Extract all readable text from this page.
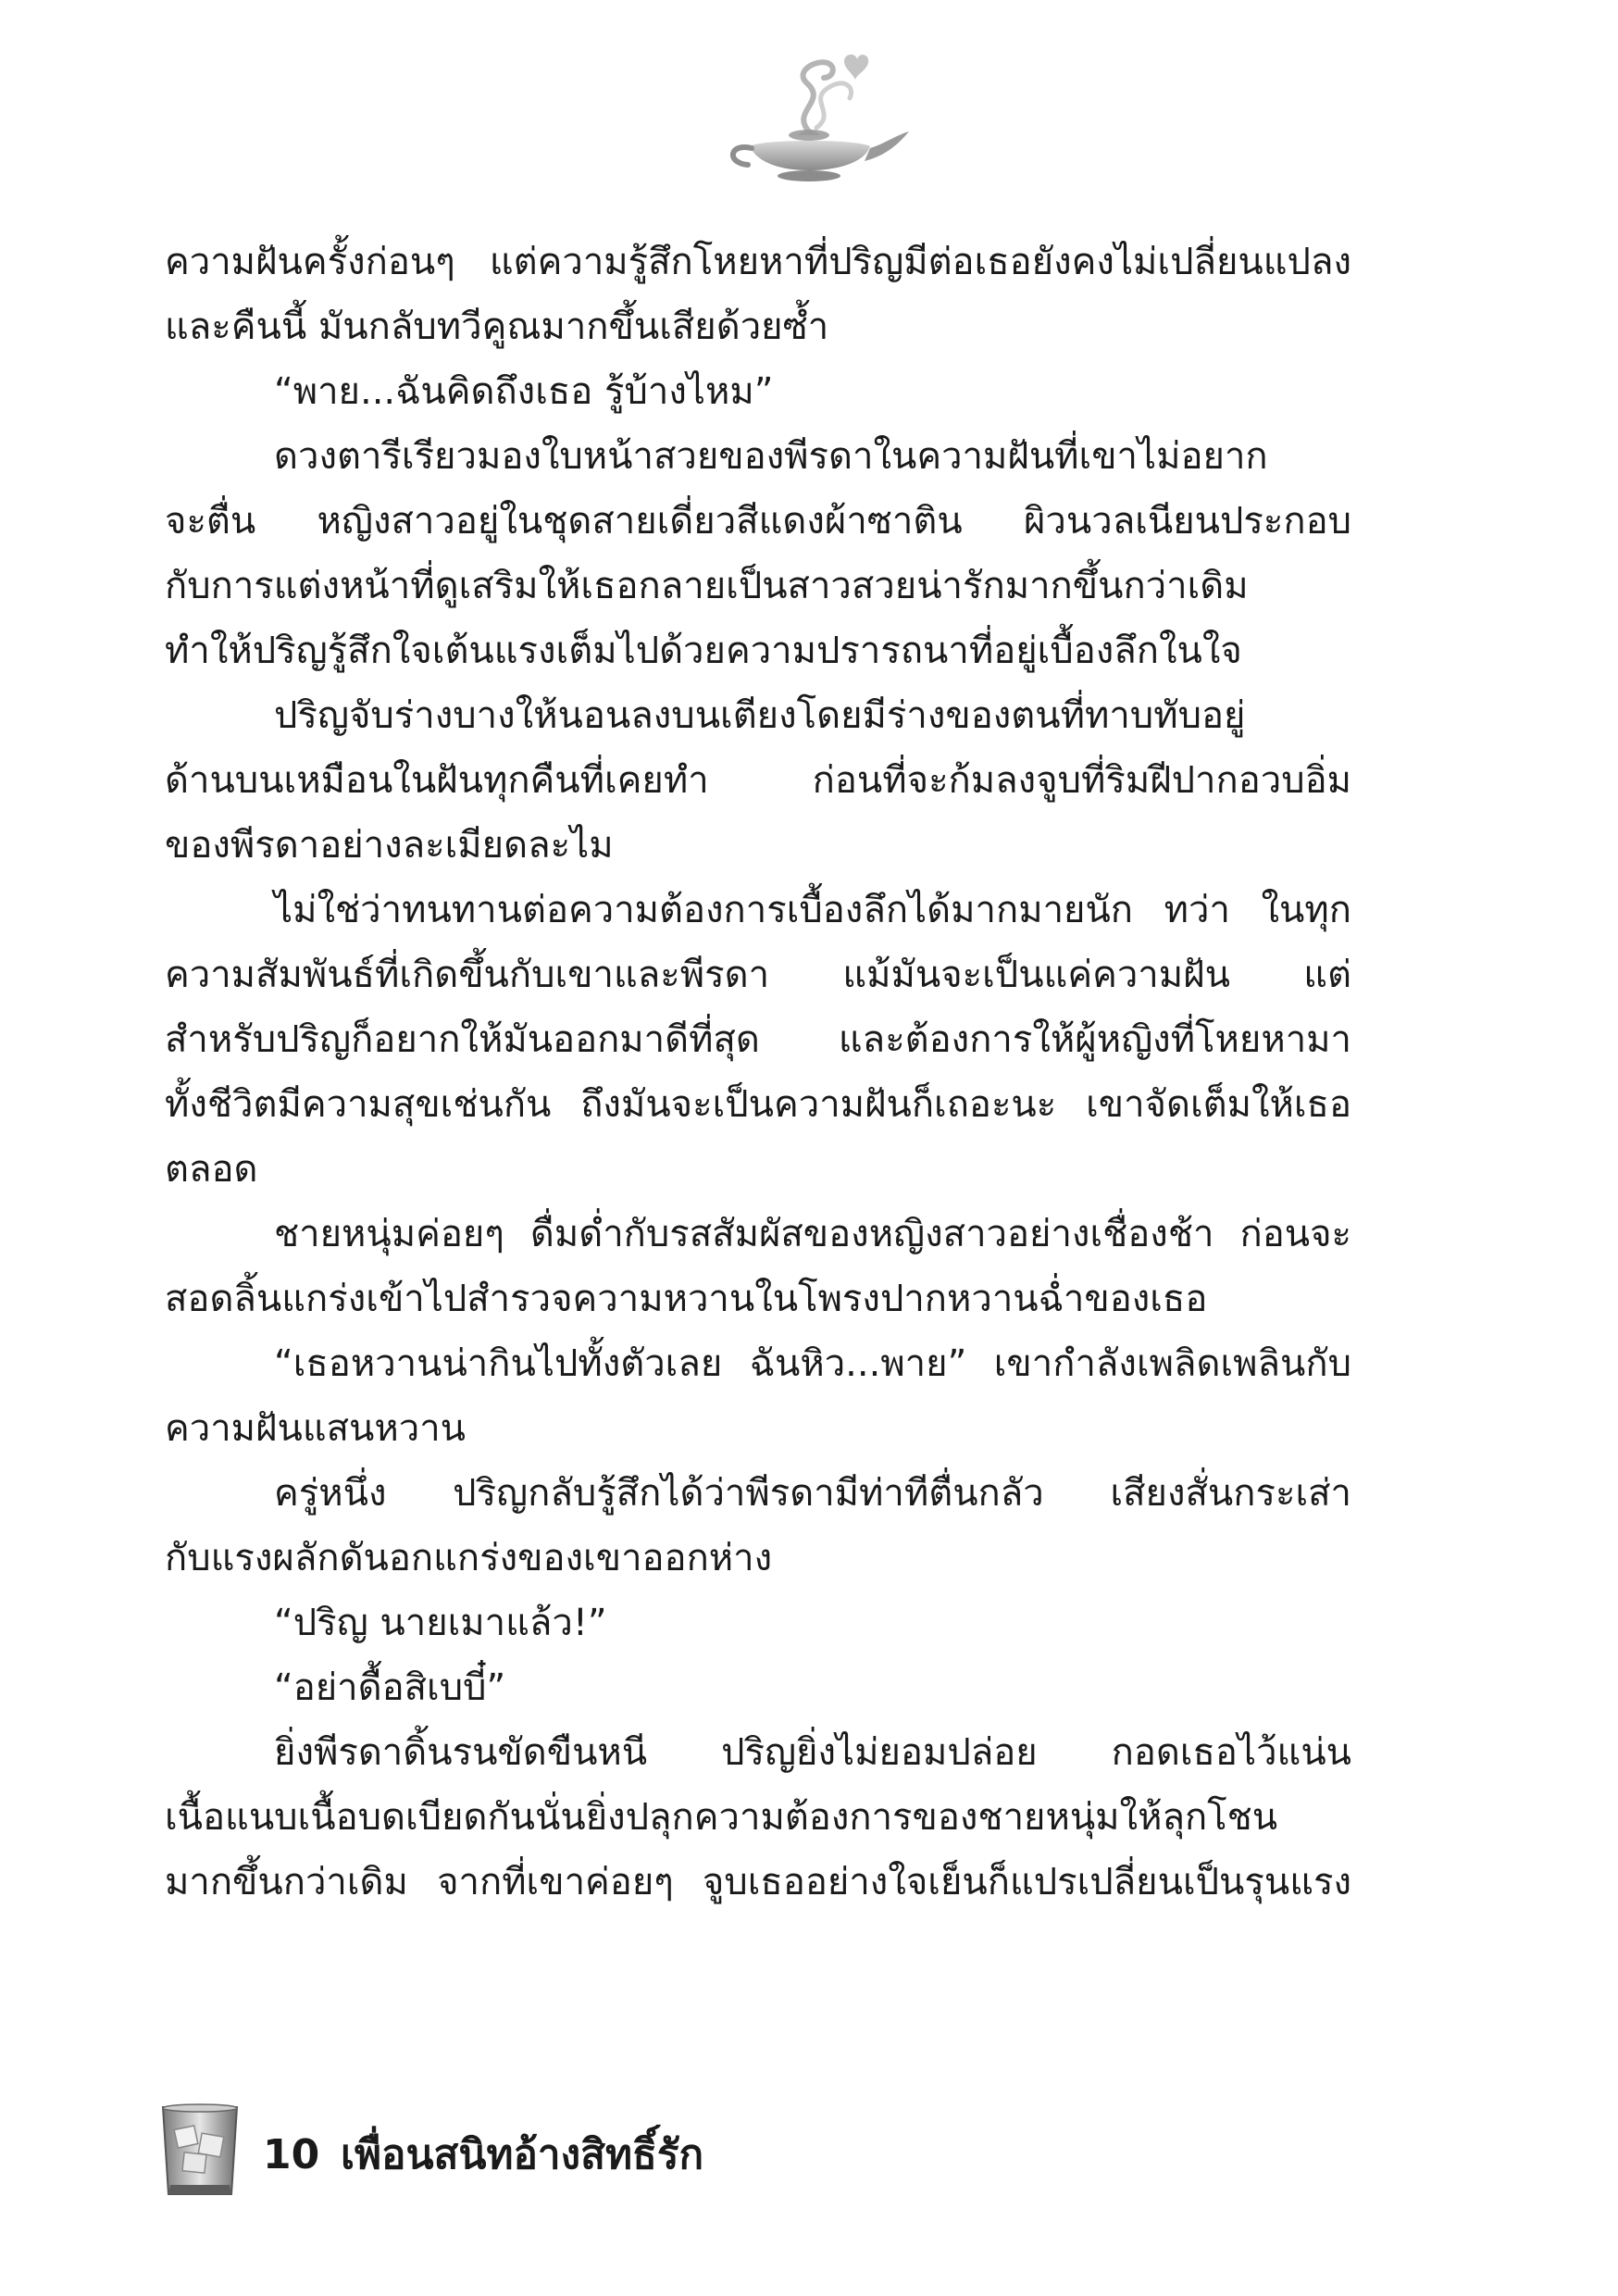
ความฝันครั้งก่อนๆ แต่ความรู้สึกโหยหาที่ปริญมีต่อเธอยังคงไม่เปลี่ยนแปลง
และคืนนี้ มันกลับทวีคูณมากขึ้นเสียด้วยซ้ำ
“พาย...ฉันคิดถึงเธอ รู้บ้างไหม”
ดวงตารีเรียวมองใบหน้าสวยของพีรดาในความฝันที่เขาไม่อยาก
จะตื่น หญิงสาวอยู่ในชุดสายเดี่ยวสีแดงผ้าซาติน ผิวนวลเนียนประกอบ
กับการแต่งหน้าที่ดูเสริมให้เธอกลายเป็นสาวสวยน่ารักมากขึ้นกว่าเดิม
ทำให้ปริญรู้สึกใจเต้นแรงเต็มไปด้วยความปรารถนาที่อยู่เบื้องลึกในใจ
ปริญจับร่างบางให้นอนลงบนเตียงโดยมีร่างของตนที่ทาบทับอยู่
ด้านบนเหมือนในฝันทุกคืนที่เคยทำ ก่อนที่จะก้มลงจูบที่ริมฝีปากอวบอิ่ม
ของพีรดาอย่างละเมียดละไม
ไม่ใช่ว่าทนทานต่อความต้องการเบื้องลึกได้มากมายนัก ทว่า ในทุก
ความสัมพันธ์ที่เกิดขึ้นกับเขาและพีรดา แม้มันจะเป็นแค่ความฝัน แต่
สำหรับปริญก็อยากให้มันออกมาดีที่สุด และต้องการให้ผู้หญิงที่โหยหามา
ทั้งชีวิตมีความสุขเช่นกัน ถึงมันจะเป็นความฝันก็เถอะนะ เขาจัดเต็มให้เธอ
ตลอด
ชายหนุ่มค่อยๆ ดื่มด่ำกับรสสัมผัสของหญิงสาวอย่างเชื่องช้า ก่อนจะ
สอดลิ้นแกร่งเข้าไปสำรวจความหวานในโพรงปากหวานฉ่ำของเธอ
“เธอหวานน่ากินไปทั้งตัวเลย ฉันหิว...พาย” เขากำลังเพลิดเพลินกับ
ความฝันแสนหวาน
ครู่หนึ่ง ปริญกลับรู้สึกได้ว่าพีรดามีท่าทีตื่นกลัว เสียงสั่นกระเส่า
กับแรงผลักดันอกแกร่งของเขาออกห่าง
“ปริญ นายเมาแล้ว!”
“อย่าดื้อสิเบบี๋”
ยิ่งพีรดาดิ้นรนขัดขืนหนี ปริญยิ่งไม่ยอมปล่อย กอดเธอไว้แน่น
เนื้อแนบเนื้อบดเบียดกันนั่นยิ่งปลุกความต้องการของชายหนุ่มให้ลุกโชน
มากขึ้นกว่าเดิม จากที่เขาค่อยๆ จูบเธออย่างใจเย็นก็แปรเปลี่ยนเป็นรุนแรง
10 เพื่อนสนิทอ้างสิทธิ์รัก
